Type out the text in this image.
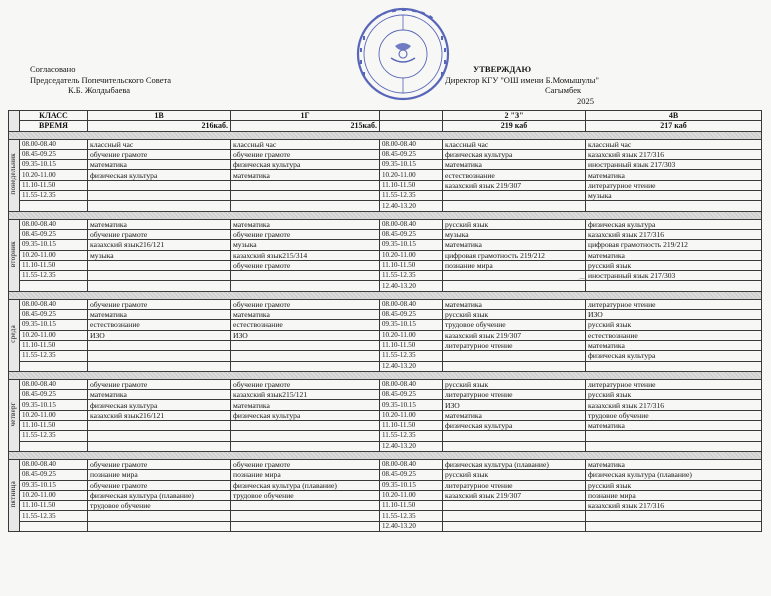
Согласовано
Председатель Попечительского Совета
К.Б. Жолдыбаева
УТВЕРЖДАЮ
Директор КГУ "ОШ имени Б.Момышулы"
Сагымбек
2025
⌒
	КЛАСС	1В	1Г		2 "З"	4В
	ВРЕМЯ	216каб.	215каб.		219 каб	217 каб

понедельник	08.00-08.40	классный час	классный час	08.00-08.40	классный час	классный час
	08.45-09.25	обучение грамоте	обучение грамоте	08.45-09.25	физическая культура	казахский язык 217/316
	09.35-10.15	математика	физическая культура	09.35-10.15	математика	иностранный язык 217/303
	10.20-11.00	физическая культура	математика	10.20-11.00	естествознание	математика
	11.10-11.50			11.10-11.50	казахский язык 219/307	литературное чтение
	11.55-12.35			11.55-12.35		музыка
				12.40-13.20		

вторник	08.00-08.40	математика	математика	08.00-08.40	русский язык	физическая культура
	08.45-09.25	обучение грамоте	обучение грамоте	08.45-09.25	музыка	казахский язык 217/316
	09.35-10.15	казахский язык216/121	музыка	09.35-10.15	математика	цифровая грамотность 219/212
	10.20-11.00	музыка	казахский язык215/314	10.20-11.00	цифровая грамотность 219/212	математика
	11.10-11.50		обучение грамоте	11.10-11.50	познание мира	русский язык
	11.55-12.35			11.55-12.35		иностранный язык 217/303
				12.40-13.20		

среда	08.00-08.40	обучение грамоте	обучение грамоте	08.00-08.40	математика	литературное чтение
	08.45-09.25	математика	математика	08.45-09.25	русский язык	ИЗО
	09.35-10.15	естествознание	естествознание	09.35-10.15	трудовое обучение	русский язык
	10.20-11.00	ИЗО	ИЗО	10.20-11.00	казахский язык 219/307	естествознание
	11.10-11.50			11.10-11.50	литературное чтение	математика
	11.55-12.35			11.55-12.35		физическая культура
				12.40-13.20		

четверг	08.00-08.40	обучение грамоте	обучение грамоте	08.00-08.40	русский язык	литературное чтение
	08.45-09.25	математика	казахский язык215/121	08.45-09.25	литературное чтение	русский язык
	09.35-10.15	физическая культура	математика	09.35-10.15	ИЗО	казахский язык 217/316
	10.20-11.00	казахский язык216/121	физическая культура	10.20-11.00	математика	трудовое обучение
	11.10-11.50			11.10-11.50	физическая культура	математика
	11.55-12.35			11.55-12.35		
				12.40-13.20		

пятница	08.00-08.40	обучение грамоте	обучение грамоте	08.00-08.40	физическая культура (плавание)	математика
	08.45-09.25	познание мира	познание мира	08.45-09.25	русский язык	физическая культура (плавание)
	09.35-10.15	обучение грамоте	физическая культура (плавание)	09.35-10.15	литературное чтение	русский язык
	10.20-11.00	физическая культура (плавание)	трудовое обучение	10.20-11.00	казахский язык 219/307	познание мира
	11.10-11.50	трудовое обучение		11.10-11.50		казахский язык 217/316
	11.55-12.35			11.55-12.35		
				12.40-13.20		
